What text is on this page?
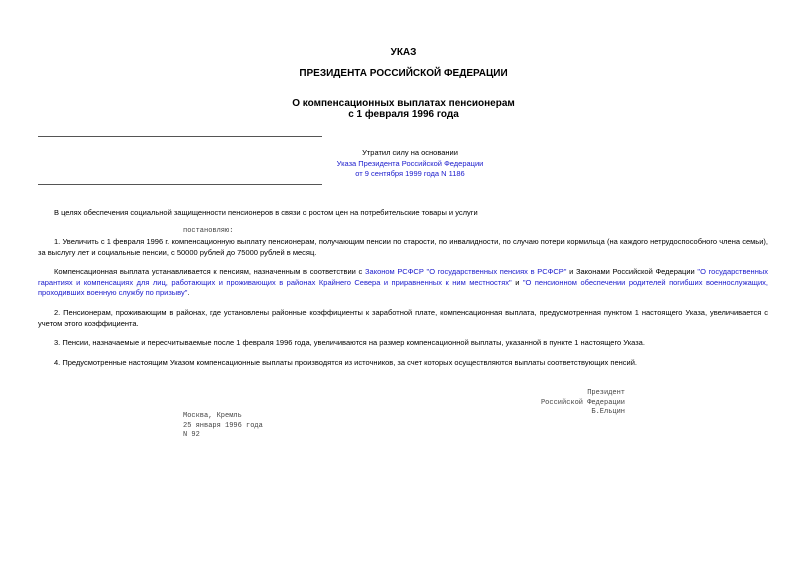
УКАЗ
ПРЕЗИДЕНТА РОССИЙСКОЙ ФЕДЕРАЦИИ
О компенсационных выплатах пенсионерам
с 1 февраля 1996 года
Утратил силу на основании
Указа Президента Российской Федерации
от 9 сентября 1999 года N 1186
В целях обеспечения социальной защищенности пенсионеров в связи с ростом цен на потребительские товары и услуги
постановляю:
1. Увеличить с 1 февраля 1996 г. компенсационную выплату пенсионерам, получающим пенсии по старости, по инвалидности, по случаю потери кормильца (на каждого нетрудоспособного члена семьи), за выслугу лет и социальные пенсии, с 50000 рублей до 75000 рублей в месяц.
Компенсационная выплата устанавливается к пенсиям, назначенным в соответствии с Законом РСФСР "О государственных пенсиях в РСФСР" и Законами Российской Федерации "О государственных гарантиях и компенсациях для лиц, работающих и проживающих в районах Крайнего Севера и приравненных к ним местностях" и "О пенсионном обеспечении родителей погибших военнослужащих, проходивших военную службу по призыву".
2. Пенсионерам, проживающим в районах, где установлены районные коэффициенты к заработной плате, компенсационная выплата, предусмотренная пунктом 1 настоящего Указа, увеличивается с учетом этого коэффициента.
3. Пенсии, назначаемые и пересчитываемые после 1 февраля 1996 года, увеличиваются на размер компенсационной выплаты, указанной в пункте 1 настоящего Указа.
4. Предусмотренные настоящим Указом компенсационные выплаты производятся из источников, за счет которых осуществляются выплаты соответствующих пенсий.
Президент
Российской Федерации
Б.Ельцин
Москва, Кремль
25 января 1996 года
N 92
